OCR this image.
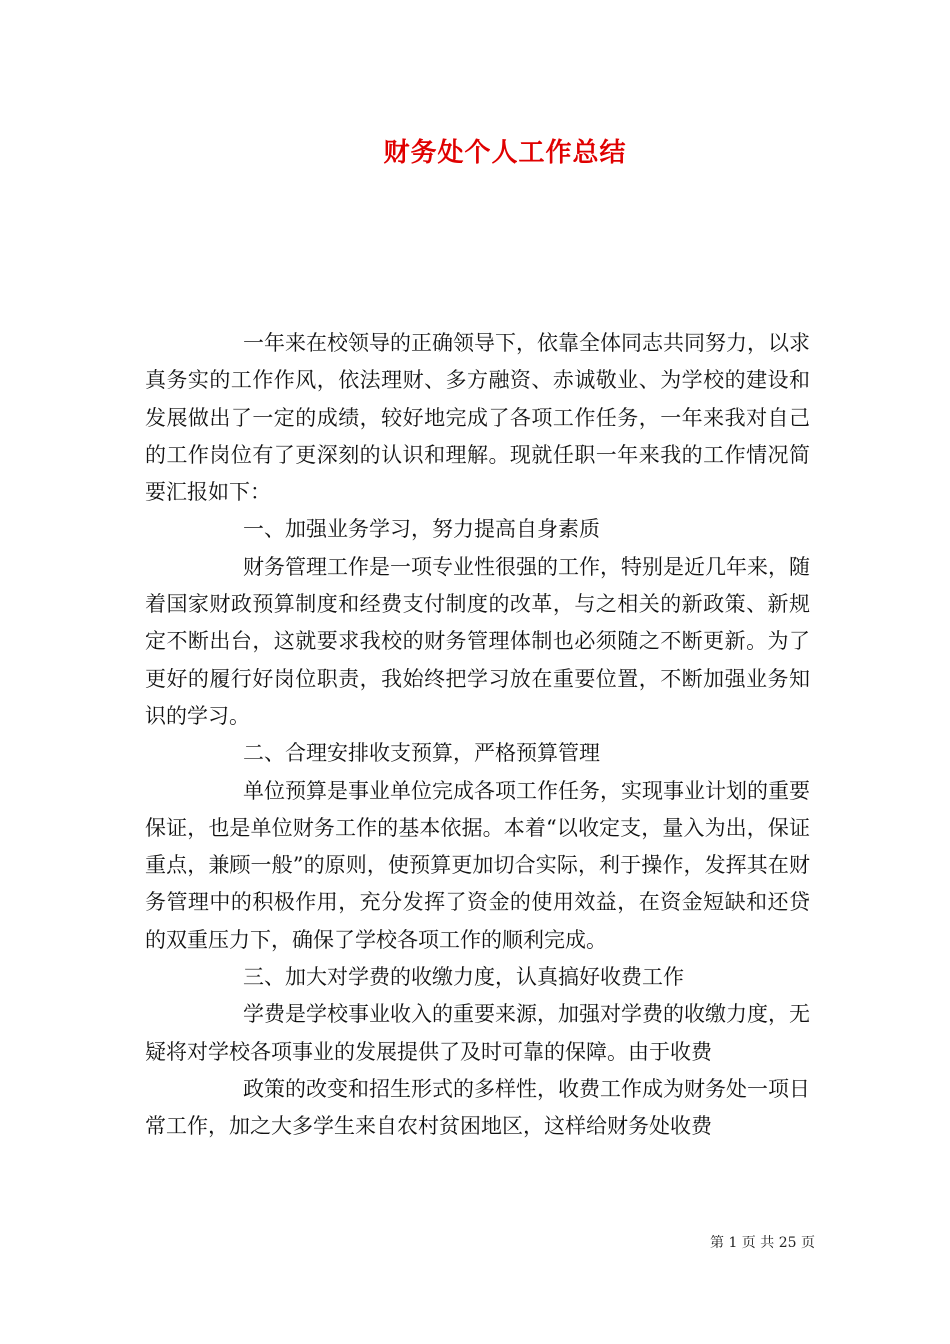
财务处个人工作总结

一年来在校领导的正确领导下，依靠全体同志共同努力，以求真务实的工作作风，依法理财、多方融资、赤诚敬业、为学校的建设和发展做出了一定的成绩，较好地完成了各项工作任务，一年来我对自己的工作岗位有了更深刻的认识和理解。现就任职一年来我的工作情况简要汇报如下：

一、加强业务学习，努力提高自身素质

财务管理工作是一项专业性很强的工作，特别是近几年来，随着国家财政预算制度和经费支付制度的改革，与之相关的新政策、新规定不断出台，这就要求我校的财务管理体制也必须随之不断更新。为了更好的履行好岗位职责，我始终把学习放在重要位置，不断加强业务知识的学习。

二、合理安排收支预算，严格预算管理

单位预算是事业单位完成各项工作任务，实现事业计划的重要保证，也是单位财务工作的基本依据。本着“以收定支，量入为出，保证重点，兼顾一般”的原则，使预算更加切合实际，利于操作，发挥其在财务管理中的积极作用，充分发挥了资金的使用效益，在资金短缺和还贷的双重压力下，确保了学校各项工作的顺利完成。

三、加大对学费的收缴力度，认真搞好收费工作

学费是学校事业收入的重要来源，加强对学费的收缴力度，无疑将对学校各项事业的发展提供了及时可靠的保障。由于收费

政策的改变和招生形式的多样性，收费工作成为财务处一项日常工作，加之大多学生来自农村贫困地区，这样给财务处收费

第 1 页 共 25 页
